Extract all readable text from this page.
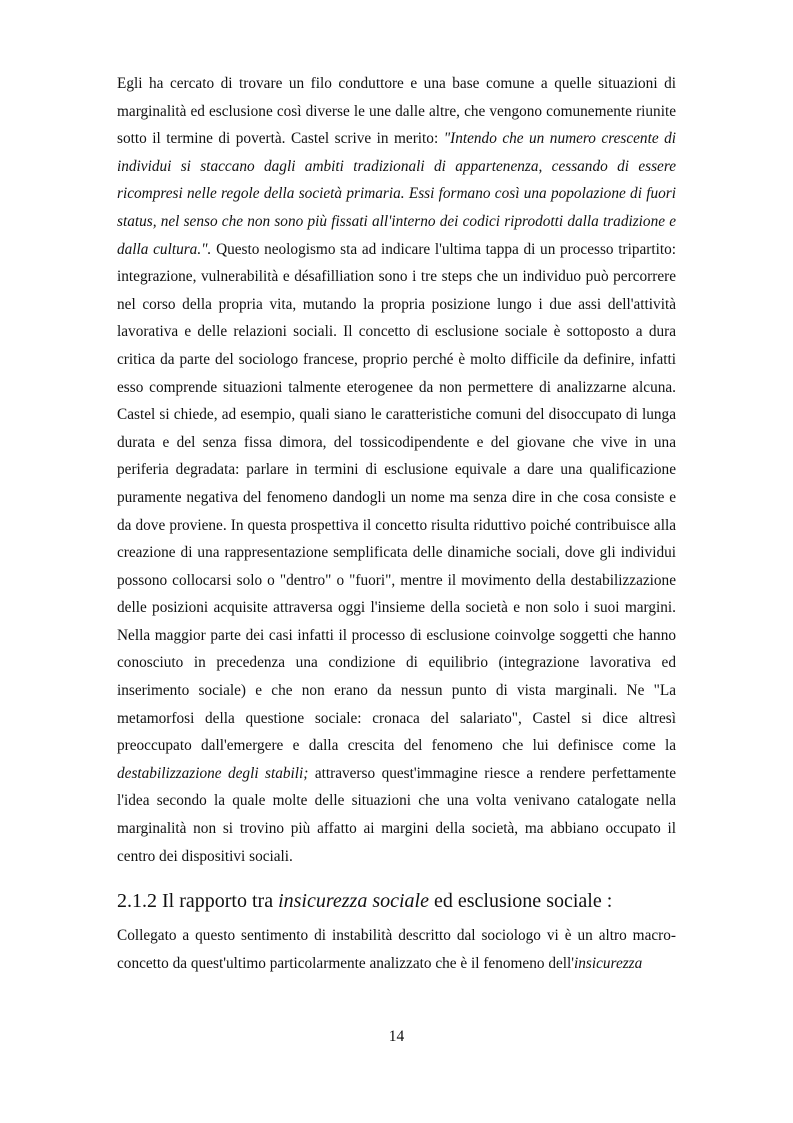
Egli ha cercato di trovare un filo conduttore e una base comune a quelle situazioni di marginalità ed esclusione così diverse le une dalle altre, che vengono comunemente riunite sotto il termine di povertà. Castel scrive in merito: "Intendo che un numero crescente di individui si staccano dagli ambiti tradizionali di appartenenza, cessando di essere ricompresi nelle regole della società primaria. Essi formano così una popolazione di fuori status, nel senso che non sono più fissati all'interno dei codici riprodotti dalla tradizione e dalla cultura.". Questo neologismo sta ad indicare l'ultima tappa di un processo tripartito: integrazione, vulnerabilità e désafilliation sono i tre steps che un individuo può percorrere nel corso della propria vita, mutando la propria posizione lungo i due assi dell'attività lavorativa e delle relazioni sociali. Il concetto di esclusione sociale è sottoposto a dura critica da parte del sociologo francese, proprio perché è molto difficile da definire, infatti esso comprende situazioni talmente eterogenee da non permettere di analizzarne alcuna. Castel si chiede, ad esempio, quali siano le caratteristiche comuni del disoccupato di lunga durata e del senza fissa dimora, del tossicodipendente e del giovane che vive in una periferia degradata: parlare in termini di esclusione equivale a dare una qualificazione puramente negativa del fenomeno dandogli un nome ma senza dire in che cosa consiste e da dove proviene. In questa prospettiva il concetto risulta riduttivo poiché contribuisce alla creazione di una rappresentazione semplificata delle dinamiche sociali, dove gli individui possono collocarsi solo o "dentro" o "fuori", mentre il movimento della destabilizzazione delle posizioni acquisite attraversa oggi l'insieme della società e non solo i suoi margini. Nella maggior parte dei casi infatti il processo di esclusione coinvolge soggetti che hanno conosciuto in precedenza una condizione di equilibrio (integrazione lavorativa ed inserimento sociale) e che non erano da nessun punto di vista marginali. Ne "La metamorfosi della questione sociale: cronaca del salariato", Castel si dice altresì preoccupato dall'emergere e dalla crescita del fenomeno che lui definisce come la destabilizzazione degli stabili; attraverso quest'immagine riesce a rendere perfettamente l'idea secondo la quale molte delle situazioni che una volta venivano catalogate nella marginalità non si trovino più affatto ai margini della società, ma abbiano occupato il centro dei dispositivi sociali.

2.1.2 Il rapporto tra insicurezza sociale ed esclusione sociale :

Collegato a questo sentimento di instabilità descritto dal sociologo vi è un altro macro-concetto da quest'ultimo particolarmente analizzato che è il fenomeno dell'insicurezza

14
